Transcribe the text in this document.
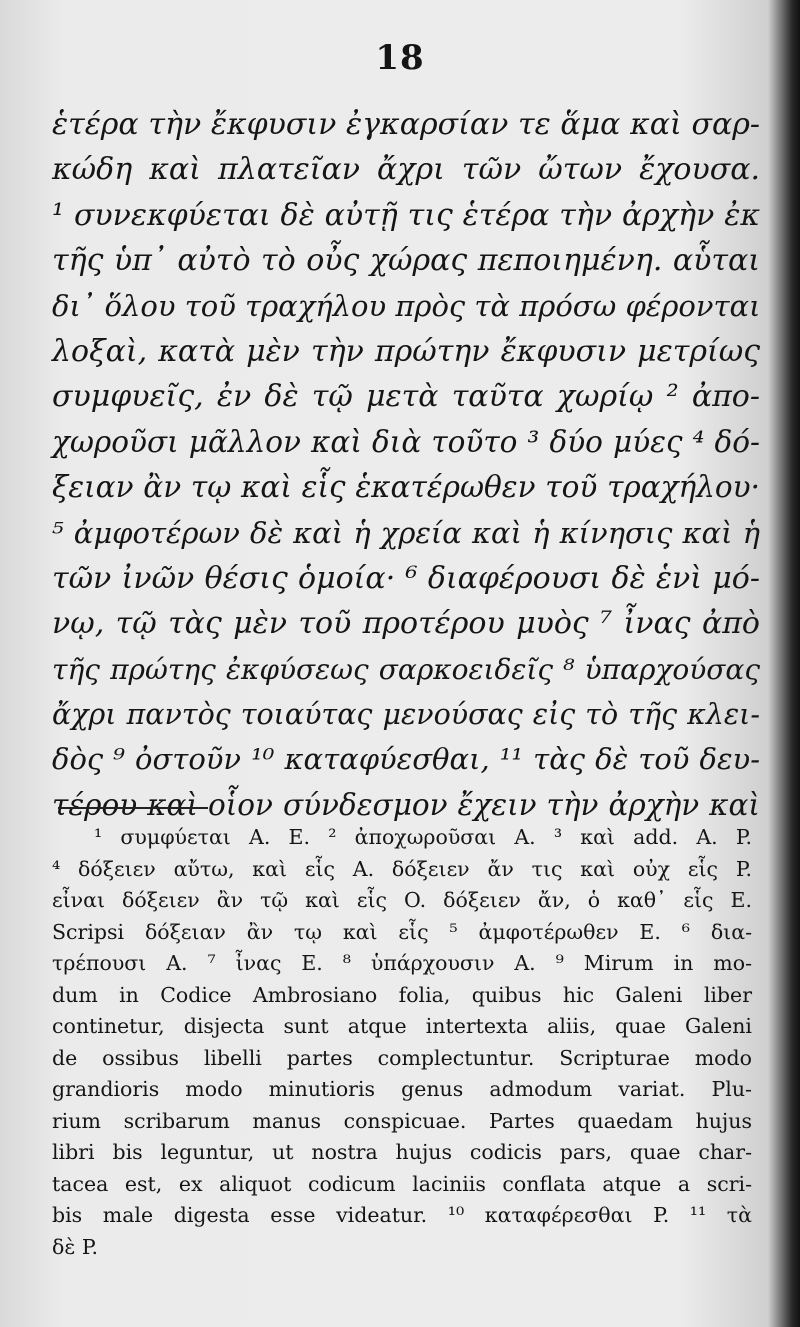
18
ἑτέρα τὴν ἔκφυσιν ἐγκαρσίαν τε ἅμα καὶ σαρ-
κώδη καὶ πλατεῖαν ἄχρι τῶν ὤτων ἔχουσα.
¹ συνεκφύεται δὲ αὐτῇ τις ἑτέρα τὴν ἀρχὴν ἐκ
τῆς ὑπ᾿ αὐτὸ τὸ οὖς χώρας πεποιημένη. αὗται
δι᾿ ὅλου τοῦ τραχήλου πρὸς τὰ πρόσω φέρονται
λοξαὶ, κατὰ μὲν τὴν πρώτην ἔκφυσιν μετρίως
συμφυεῖς, ἐν δὲ τῷ μετὰ ταῦτα χωρίῳ ² ἀπο-
χωροῦσι μᾶλλον καὶ διὰ τοῦτο ³ δύο μύες ⁴ δό-
ξειαν ἂν τῳ καὶ εἷς ἑκατέρωθεν τοῦ τραχήλου·
⁵ ἀμφοτέρων δὲ καὶ ἡ χρεία καὶ ἡ κίνησις καὶ ἡ
τῶν ἰνῶν θέσις ὁμοία· ⁶ διαφέρουσι δὲ ἑνὶ μό-
νῳ, τῷ τὰς μὲν τοῦ προτέρου μυὸς ⁷ ἶνας ἀπὸ
τῆς πρώτης ἐκφύσεως σαρκοειδεῖς ⁸ ὑπαρχούσας
ἄχρι παντὸς τοιαύτας μενούσας εἰς τὸ τῆς κλει-
δὸς ⁹ ὀστοῦν ¹⁰ καταφύεσθαι, ¹¹ τὰς δὲ τοῦ δευ-
τέρου καὶ οἷον σύνδεσμον ἔχειν τὴν ἀρχὴν καὶ
¹ συμφύεται A. E. ² ἀποχωροῦσαι A. ³ καὶ add. A. P.
⁴ δόξειεν αὔτω, καὶ εἷς A. δόξειεν ἄν τις καὶ οὐχ εἷς P.
εἶναι δόξειεν ἂν τῷ καὶ εἷς O. δόξειεν ἄν, ὁ καθ᾿ εἷς E.
Scripsi δόξειαν ἂν τῳ καὶ εἷς ⁵ ἀμφοτέρωθεν E. ⁶ δια-
τρέπουσι A. ⁷ ἶνας E. ⁸ ὑπάρχουσιν A. ⁹ Mirum in mo-
dum in Codice Ambrosiano folia, quibus hic Galeni liber
continetur, disjecta sunt atque intertexta aliis, quae Galeni
de ossibus libelli partes complectuntur. Scripturae modo
grandioris modo minutioris genus admodum variat. Plu-
rium scribarum manus conspicuae. Partes quaedam hujus
libri bis leguntur, ut nostra hujus codicis pars, quae char-
tacea est, ex aliquot codicum laciniis conflata atque a scri-
bis male digesta esse videatur. ¹⁰ καταφέρεσθαι P. ¹¹ τὰ
δὲ P.
